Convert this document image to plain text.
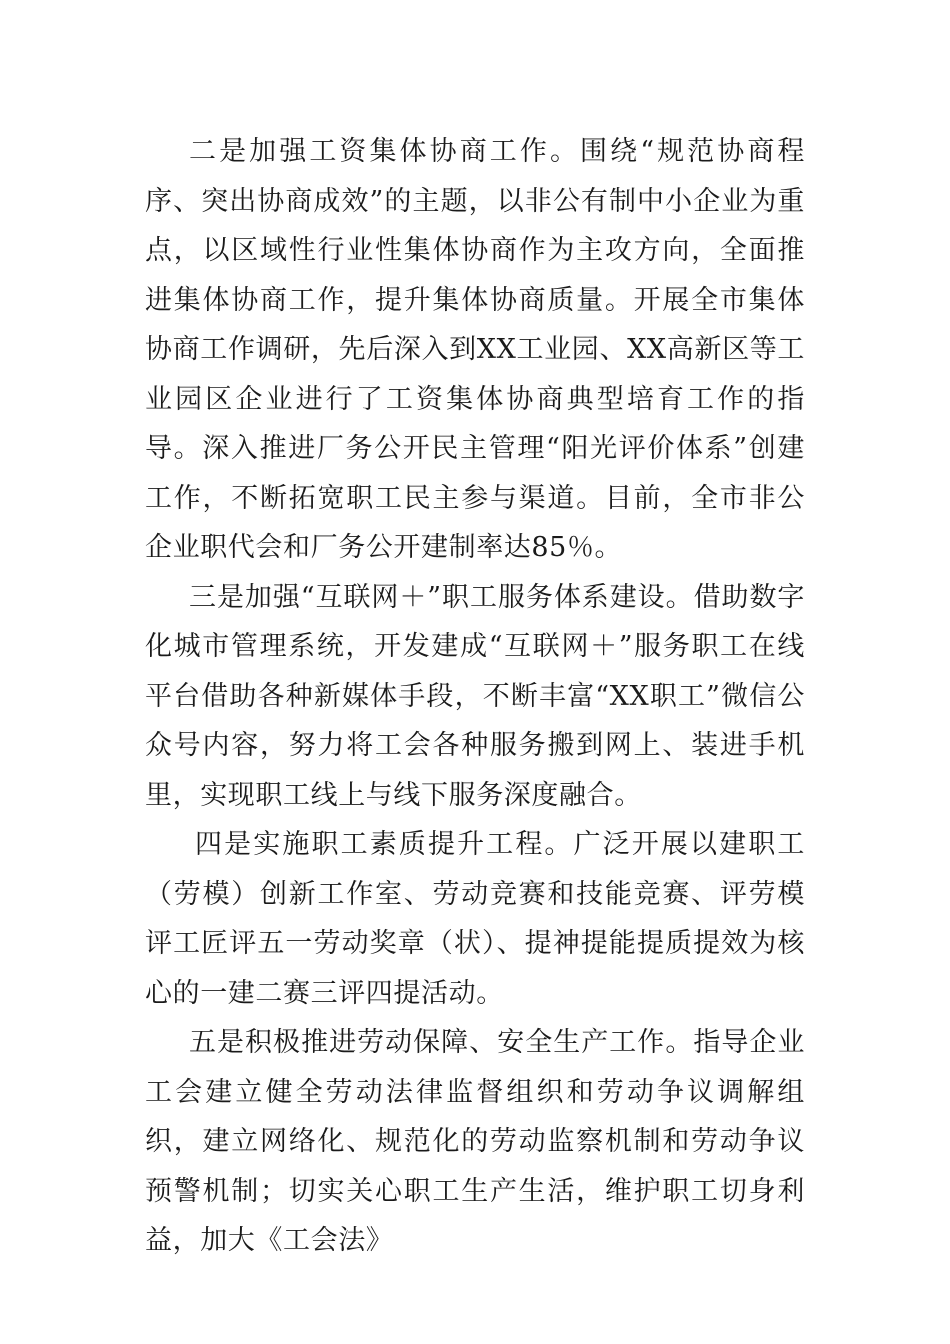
二是加强工资集体协商工作。围绕“规范协商程序、突出协商成效”的主题，以非公有制中小企业为重点，以区域性行业性集体协商作为主攻方向，全面推进集体协商工作，提升集体协商质量。开展全市集体协商工作调研，先后深入到XX工业园、XX高新区等工业园区企业进行了工资集体协商典型培育工作的指导。深入推进厂务公开民主管理“阳光评价体系”创建工作，不断拓宽职工民主参与渠道。目前，全市非公企业职代会和厂务公开建制率达85％。

三是加强“互联网＋”职工服务体系建设。借助数字化城市管理系统，开发建成“互联网＋”服务职工在线平台借助各种新媒体手段，不断丰富“XX职工”微信公众号内容，努力将工会各种服务搬到网上、装进手机里，实现职工线上与线下服务深度融合。

四是实施职工素质提升工程。广泛开展以建职工（劳模）创新工作室、劳动竞赛和技能竞赛、评劳模评工匠评五一劳动奖章（状）、提神提能提质提效为核心的一建二赛三评四提活动。

五是积极推进劳动保障、安全生产工作。指导企业工会建立健全劳动法律监督组织和劳动争议调解组织，建立网络化、规范化的劳动监察机制和劳动争议预警机制；切实关心职工生产生活，维护职工切身利益，加大《工会法》
